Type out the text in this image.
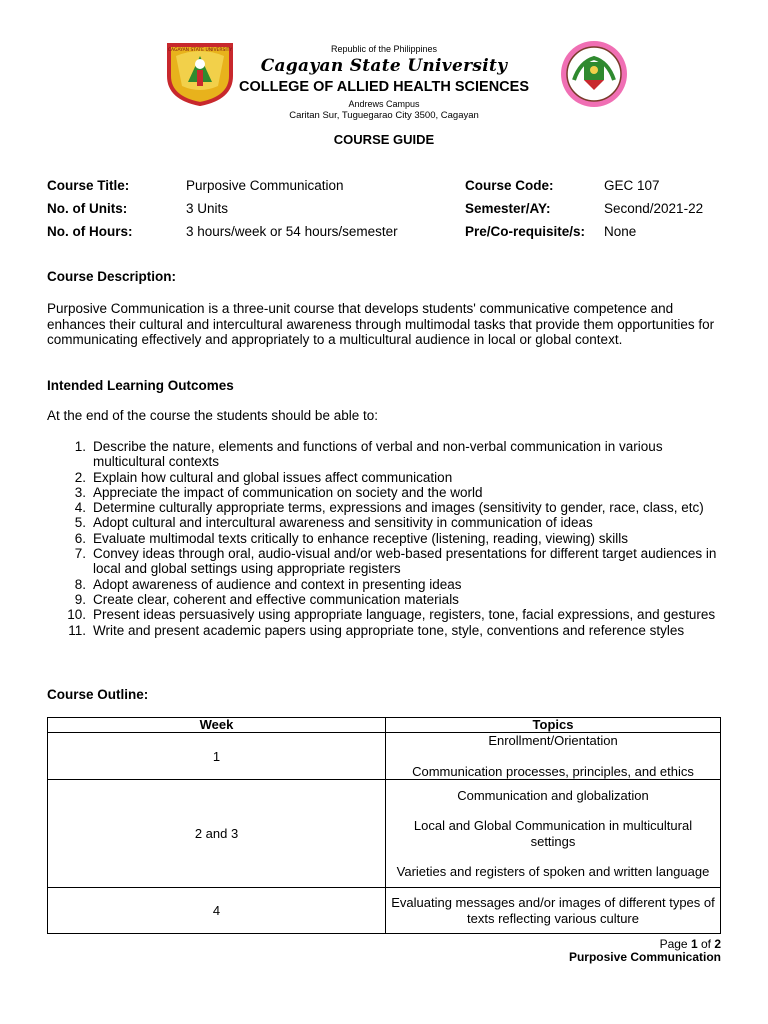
CAGAYAN STATE UNIVERSITY	Republic of the Philippines
Cagayan State University
COLLEGE OF ALLIED HEALTH SCIENCES
Andrews Campus
Caritan Sur, Tuguegarao City 3500, Cagayan
COURSE GUIDE
Course Title:	Purposive Communication	Course Code:	GEC 107
No. of Units:	3 Units	Semester/AY:	Second/2021-22
No. of Hours:	3 hours/week or 54 hours/semester	Pre/Co-requisite/s: None
Course Description:

Purposive Communication is a three-unit course that develops students' communicative competence and enhances their cultural and intercultural awareness through multimodal tasks that provide them opportunities for communicating effectively and appropriately to a multicultural audience in local or global context.

Intended Learning Outcomes
At the end of the course the students should be able to:
1. Describe the nature, elements and functions of verbal and non-verbal communication in various multicultural contexts
2. Explain how cultural and global issues affect communication
3. Appreciate the impact of communication on society and the world
4. Determine culturally appropriate terms, expressions and images (sensitivity to gender, race, class, etc)
5. Adopt cultural and intercultural awareness and sensitivity in communication of ideas
6. Evaluate multimodal texts critically to enhance receptive (listening, reading, viewing) skills
7. Convey ideas through oral, audio-visual and/or web-based presentations for different target audiences in local and global settings using appropriate registers
8. Adopt awareness of audience and context in presenting ideas
9. Create clear, coherent and effective communication materials
10. Present ideas persuasively using appropriate language, registers, tone, facial expressions, and gestures
11. Write and present academic papers using appropriate tone, style, conventions and reference styles
Course Outline:
Week	Topics
1	Enrollment/Orientation
Communication processes, principles, and ethics

2 and 3	Communication and globalization
Local and Global Communication in multicultural settings
Varieties and registers of spoken and written language

4	Evaluating messages and/or images of different types of texts reflecting various culture
Page 1 of 2
Purposive Communication
